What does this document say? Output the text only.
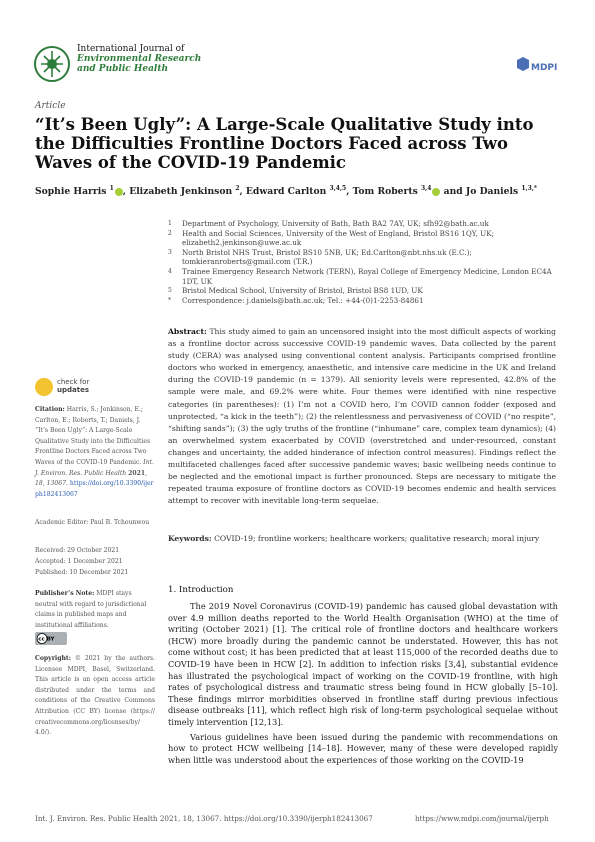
International Journal of
Environmental Research
and Public Health	MDPI
Article
“It’s Been Ugly”: A Large-Scale Qualitative Study into the Difficulties Frontline Doctors Faced across Two Waves of the COVID-19 Pandemic
Sophie Harris $^1$ , Elizabeth Jenkinson $^2$, Edward Carlton $^{3,4,5}$, Tom Roberts $^{3,4}$ and Jo Daniels $^{1,3,*}$
1	Department of Psychology, University of Bath, Bath BA2 7AY, UK; sfh92@bath.ac.uk
2	Health and Social Sciences, University of the West of England, Bristol BS16 1QY, UK; elizabeth2.jenkinson@uwe.ac.uk
3	North Bristol NHS Trust, Bristol BS10 5NB, UK; Ed.Carlton@nbt.nhs.uk (E.C.); tomkieranroberts@gmail.com (T.R.)
4	Trainee Emergency Research Network (TERN), Royal College of Emergency Medicine, London EC4A 1DT, UK
5	Bristol Medical School, University of Bristol, Bristol BS8 1UD, UK
*	Correspondence: j.daniels@bath.ac.uk; Tel.: +44-(0)1-2253-84861
Abstract: This study aimed to gain an uncensored insight into the most difficult aspects of working as a frontline doctor across successive COVID-19 pandemic waves. Data collected by the parent study (CERA) was analysed using conventional content analysis. Participants comprised frontline doctors who worked in emergency, anaesthetic, and intensive care medicine in the UK and Ireland during the COVID-19 pandemic (n = 1379). All seniority levels were represented, 42.8% of the sample were male, and 69.2% were white. Four themes were identified with nine respective categories (in parentheses): (1) I’m not a COVID hero, I’m COVID cannon fodder (exposed and unprotected, “a kick in the teeth”); (2) the relentlessness and pervasiveness of COVID (“no respite”, “shifting sands”); (3) the ugly truths of the frontline (“inhumane” care, complex team dynamics); (4) an overwhelmed system exacerbated by COVID (overstretched and under-resourced, constant changes and uncertainty, the added hinderance of infection control measures). Findings reflect the multifaceted challenges faced after successive pandemic waves; basic wellbeing needs continue to be neglected and the emotional impact is further pronounced. Steps are necessary to mitigate the repeated trauma exposure of frontline doctors as COVID-19 becomes endemic and health services attempt to recover with inevitable long-term sequelae.
Keywords: COVID-19; frontline workers; healthcare workers; qualitative research; moral injury
check for
updates
Citation: Harris, S.; Jenkinson, E.; Carlton, E.; Roberts, T.; Daniels, J. “It’s Been Ugly”: A Large-Scale Qualitative Study into the Difficulties Frontline Doctors Faced across Two Waves of the COVID-19 Pandemic. Int. J. Environ. Res. Public Health 2021, 18, 13067. https://doi.org/10.3390/ijerph182413067
Academic Editor: Paul B. Tchounwou
Received: 29 October 2021
Accepted: 1 December 2021
Published: 10 December 2021
Publisher’s Note: MDPI stays neutral with regard to jurisdictional claims in published maps and institutional affiliations.
cc BY
Copyright: © 2021 by the authors. Licensee MDPI, Basel, Switzerland. This article is an open access article distributed under the terms and conditions of the Creative Commons Attribution (CC BY) license (https:// creativecommons.org/licenses/by/ 4.0/).
1. Introduction

The 2019 Novel Coronavirus (COVID-19) pandemic has caused global devastation with over 4.9 million deaths reported to the World Health Organisation (WHO) at the time of writing (October 2021) [1]. The critical role of frontline doctors and healthcare workers (HCW) more broadly during the pandemic cannot be understated. However, this has not come without cost; it has been predicted that at least 115,000 of the recorded deaths due to COVID-19 have been in HCW [2]. In addition to infection risks [3,4], substantial evidence has illustrated the psychological impact of working on the COVID-19 frontline, with high rates of psychological distress and traumatic stress being found in HCW globally [5–10]. These findings mirror morbidities observed in frontline staff during previous infectious disease outbreaks [11], which reflect high risk of long-term psychological sequelae without timely intervention [12,13].

Various guidelines have been issued during the pandemic with recommendations on how to protect HCW wellbeing [14–18]. However, many of these were developed rapidly when little was understood about the experiences of those working on the COVID-19

Int. J. Environ. Res. Public Health 2021, 18, 13067. https://doi.org/10.3390/ijerph182413067	https://www.mdpi.com/journal/ijerph
